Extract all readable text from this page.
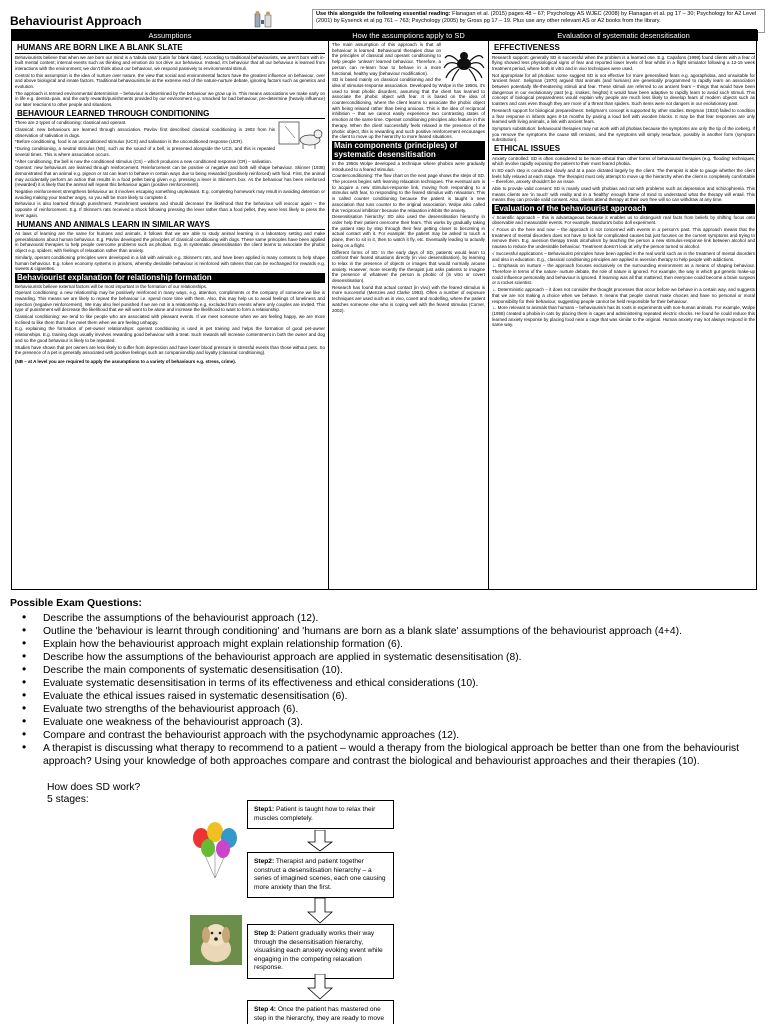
Behaviourist Approach	Use this alongside the following essential reading: Flanagan et al. (2015) pages 48 – 67; Psychology AS WJEC (2008) by Flanagan et al. pg 17 – 30; Psychology for A2 Level (2001) by Eysenck et al pg 761 – 763; Psychology (2005) by Gross pg 17 – 19. Plus use any other relevant AS or A2 books from the library.
Assumptions
HUMANS ARE BORN LIKE A BLANK SLATE
Behaviourists believe that when we are born our mind is a 'tabula rasa' (Latin for blank slate). According to traditional behaviourists, we aren't born with in-built mental content; internal events such as thinking and emotion do not drive our behaviour. Instead, it's behaviour that all our behaviour is learned from interactions with the environment; we don't think about our behaviour, we respond passively to environmental stimuli.
Central to this assumption is the idea of nurture over nature, the view that social and environmental factors have the greatest influence on behaviour, over and above biological and innate factors. Traditional behaviourists lie at the extreme end of the nature-nurture debate, ignoring factors such as genetics and evolution.
The approach is termed environmental determinism – behaviour is determined by the behaviour we grow up in. This means associations we make early on in life e.g. dentist=pain, and the early rewards/punishments provided by our environment e.g. smacked for bad behaviour, pre-determine (heavily influence) our later reactions to other people and situations.
BEHAVIOUR LEARNED THROUGH CONDITIONING
There are 2 types of conditioning: classical and operant.
Classical: new behaviours are learned through association. Pavlov first described classical conditioning in 1902 from his observation of salivation in dogs.
*Before conditioning, food is an unconditioned stimulus (UCS) and salivation is the unconditioned response (UCR).
*During conditioning, a neutral stimulus (NS), such as the sound of a bell, is presented alongside the UCS, and this is repeated several times. This is where association occurs.
*After conditioning, the bell is now the conditioned stimulus (CS) – which produces a new conditioned response (CR) – salivation.
Operant: new behaviours are learned through reinforcement. Reinforcement can be positive or negative and both will shape behaviour. Skinner (1938) demonstrated that an animal e.g. pigeon or rat can learn to behave in certain ways due to being rewarded (positively reinforced) with food. First, the animal may accidentally perform an action that results in a food pellet being given e.g. pressing a lever in Skinner's box. As the behaviour has been reinforced (rewarded) it is likely that the animal will repeat this behaviour again (positive reinforcement).
Negative reinforcement strengthens behaviour as it involves escaping something unpleasant. E.g. completing homework may result in avoiding detention or avoiding making your teacher angry, so you will be more likely to complete it.
Behaviour is also learned through punishment. Punishment weakens and should decrease the likelihood that the behaviour will reoccur again – the opposite of reinforcement. E.g. If Skinner's rats received a shock following pressing the lever rather than a food pellet, they were less likely to press the lever again.
HUMANS AND ANIMALS LEARN IN SIMILAR WAYS
As laws of learning are the same for humans and animals, it follows that we are able to study animal learning in a laboratory setting and make generalisations about human behaviour. E.g. Pavlov developed the principles of classical conditioning with dogs. These same principles have been applied in behavioural therapies to help people overcome problems such as phobias. E.g. In systematic desensitisation the client learns to associate the phobic object e.g. spiders, with feelings of relaxation rather than anxiety.
Similarly, operant conditioning principles were developed in a lab with animals e.g. Skinner's rats, and have been applied in many contexts to help shape human behaviour. E.g. token economy systems in prisons, whereby desirable behaviour is reinforced with tokens that can be exchanged for rewards e.g. sweets & cigarettes.
Behaviourist explanation for relationship formation
Behaviourists believe external factors will be most important in the formation of our relationships.
Operant conditioning: a new relationship may be positively reinforced in many ways, e.g. attention, compliments or the company of someone we like is rewarding. This means we are likely to repeat the behaviour i.e. spend more time with them. Also, this may help us to avoid feelings of loneliness and rejection (negative reinforcement). We may also feel punished if we are not in a relationship e.g. excluded from events where only couples are invited. This type of punishment will decrease the likelihood that we will want to be alone and increase the likelihood to want to form a relationship.
Classical conditioning: we tend to like people who are associated with pleasant events. If we meet someone when we are feeling happy, we are more inclined to like them than if we meet them when we are feeling unhappy.
E.g. explaining the formation of pet-owner relationships: operant conditioning is used in pet training and helps the formation of good pet-owner relationships. E.g. training dogs usually involves rewarding good behaviour with a treat. Such rewards will increase contentment in both the owner and dog and so the good behaviour is likely to be repeated.
Studies have shown that pet owners are less likely to suffer from depression and have lower blood pressure in stressful events than those without pets. So the presence of a pet is generally associated with positive feelings such as companionship and loyalty (classical conditioning).
(NB – at A level you are required to apply the assumptions to a variety of behaviours e.g. stress, crime).
How the assumptions apply to SD
The main assumption of this approach is that all behaviour is learned. Behavioural therapies draw on the principles of classical and operant conditioning to help people 'unlearn' learned behaviour. Therefore, a person can re-learn how to behave in a more functional, healthy way (behaviour modification).
SD is based mainly on classical conditioning and the idea of stimulus-response association. Developed by Wolpe in the 1950s, it's used to treat phobic disorders, assuming that the client has learned to associate the phobic object with fear. It is based on the idea of counterconditioning, where the client learns to associate the phobic object with being relaxed rather than being anxious. This is the idea of reciprocal inhibition – that we cannot easily experience two contrasting states of emotion at the same time. Operant conditioning principles also feature in this therapy. When the client successfully feels relaxed in the presence of the phobic object, this is rewarding and such positive reinforcement encourages the client to move up the hierarchy to more feared situations.
Main components (principles) of systematic desensitisation
In the 1950s Wolpe developed a technique where phobics were gradually introduced to a feared stimulus.
Counterconditioning: The flow chart on the next page shows the steps of SD. The process begins with learning relaxation techniques. The eventual aim is to acquire a new stimulus-response link, moving from responding to a stimulus with fear, to responding to the feared stimulus with relaxation. This is called counter conditioning because the patient is taught a new association that runs counter to the original association. Wolpe also called this 'reciprocal inhibition' because the relaxation inhibits the anxiety.
Desensitisation hierarchy: SD also used the desensitisation hierarchy in order help their patient overcome their fears. This works by gradually taking the patient step by step through their fear getting closer to becoming in actual contact with it. For example: the patient may be asked to touch a plane, then to sit in it, then to watch it fly, etc. Eventually leading to actually being on a flight.
Different forms of SD: In the early days of SD, patients would learn to confront their feared situations directly (in vivo desensitisation), by learning to relax in the presence of objects or images that would normally arouse anxiety. However, more recently the therapist just asks patients to imagine the presence of whatever the person is phobic of (in vitro or covert desensitisation).
Research has found that actual contact (in vivo) with the feared stimulus is more successful (Menzies and Clarke 1993). Often a number of exposure techniques are used such as in vivo, covert and modelling, where the patient watches someone else who is coping well with the feared stimulus (Comer, 2002).
Evaluation of systematic desensitisation
EFFECTIVENESS
Research support: generally SD is successful when the problem is a learned one. E.g. Capafons (1998) found clients with a fear of flying showed less physiological signs of fear and reported lower levels of fear whilst in a flight simulator following a 12-15 week treatment period, where both in vitro and in vivo techniques were used.
Not appropriate for all phobias: some suggest SD is not effective for more generalised fears e.g. agoraphobia, and unsuitable for 'ancient fears'. Seligman (1970) argued that animals (and humans) are genetically programmed to rapidly learn an association between potentially life-threatening stimuli and fear. These stimuli are referred to as ancient fears – things that would have been dangerous in our evolutionary past (e.g. snakes, heights) it would have been adaptive to rapidly learn to avoid such stimuli. This concept of biological preparedness would explain why people are much less likely to develop fears of modern objects such as toasters and cars even though they are more of a threat than spiders. Such items were not dangers in our evolutionary past.
Research support for biological preparedness: Seligman's concept is supported by other studies. Bregman (1934) failed to condition a fear response in infants ages 8-16 months by pairing a loud bell with wooden blocks. It may be that fear responses are only learned with living animals, a link with ancient fears.
Symptom substitution: behavioural therapies may not work with all phobias because the symptoms are only the tip of the iceberg. If you remove the symptoms the cause still remains, and the symptoms will simply resurface, possibly in another form (symptom substitution).
ETHICAL ISSUES
Anxiety controlled: SD is often considered to be more ethical than other forms of behavioural therapies (e.g. 'flooding' techniques, which involve rapidly exposing the patient to their most feared phobia.
In SD each step is conducted slowly and at a pace dictated largely by the client. The therapist is able to gauge whether the client feels fully relaxed at each stage. The therapist must only attempt to move up the hierarchy when the client is completely comfortable – therefore, anxiety shouldn't be an issue.
Able to provide valid consent: SD is mainly used with phobias and not with problems such as depression and schizophrenia. This means clients are 'in touch' with reality and in a 'healthy' enough frame of mind to understand what the therapy will entail. This means they can provide valid consent. Also, clients attend therapy at their own free will so can withdraw at any time.
Evaluation of the behaviourist approach
√ Scientific approach – this is advantageous because it enables us to distinguish real facts from beliefs by shifting focus onto observable and measurable events. For example, Bandura's bobo doll experiment.
√ Focus on the here and now – the approach is not concerned with events in a person's past. This approach means that the treatment of mental disorders does not have to look for complicated causes but just focuses on the current symptoms and trying to remove them. E.g. aversion therapy treats alcoholism by teaching the person a new stimulus-response link between alcohol and nausea to reduce the undesirable behaviour. Treatment doesn't look at why the person turned to alcohol.
√ Successful applications – Behaviourist principles have been applied in the real world such as in the treatment of mental disorders and also in education. E.g., classical conditioning principles are applied in aversion therapy to help people with addictions.
∟ Emphasis on nurture – the approach focuses exclusively on the surrounding environment as a means of shaping behaviour. Therefore in terms of the nature- nurture debate, the role of nature is ignored. For example, the way in which gut genetic make-up could influence personality and behaviour is ignored. If learning was all that mattered, then everyone could become a brain surgeon or a rocket scientist.
∟ Deterministic approach – it does not consider the thought processes that occur before we behave in a certain way, and suggests that we are not making a choice when we behave. It means that people cannot make choices and have no personal or moral responsibility for their behaviour, suggesting people cannot be held responsible for their behaviour.
∟ More relevant to animals than humans – behaviourism has its roots in experiments with non-human animals. For example, Wolpe (1958) created a phobia in cats by placing them in cages and administering repeated electric shocks. He found he could reduce this learned anxiety response by placing food near a cage that was similar to the original. Human anxiety may not always respond in the same way.
Possible Exam Questions:
• Describe the assumptions of the behaviourist approach (12).
• Outline the 'behaviour is learnt through conditioning' and 'humans are born as a blank slate' assumptions of the behaviourist approach (4+4).
• Explain how the behaviourist approach might explain relationship formation (6).
• Describe how the assumptions of the behaviourist approach are applied in systematic desensitisation (8).
• Describe the main components of systematic desensitisation (10).
• Evaluate systematic desensitisation in terms of its effectiveness and ethical considerations (10).
• Evaluate the ethical issues raised in systematic desensitisation (6).
• Evaluate two strengths of the behaviourist approach (6).
• Evaluate one weakness of the behaviourist approach (3).
• Compare and contrast the behaviourist approach with the psychodynamic approaches (12).
• A therapist is discussing what therapy to recommend to a patient – would a therapy from the biological approach be better than one from the behaviourist approach? Using your knowledge of both approaches compare and contrast the biological and behaviourist approaches and their therapies (10).
How does SD work?
5 stages:
Step1: Patient is taught how to relax their muscles completely.
Step2: Therapist and patient together construct a desensitisation hierarchy – a series of imagined scenes, each one causing more anxiety than the first.
Step 3: Patient gradually works their way through the desensitisation hierarchy, visualising each anxiety evoking event while engaging in the competing relaxation response.
Step 4: Once the patient has mastered one step in the hierarchy, they are ready to move
